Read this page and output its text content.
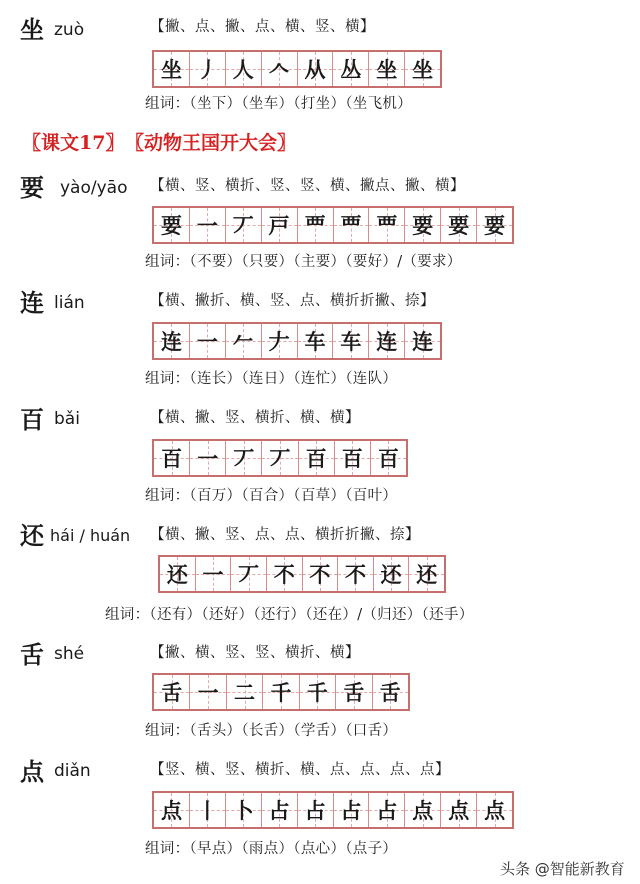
〖课文17〗 〖动物王国开大会〗
坐 zuò	【撇、点、撇、点、横、竖、横】
坐 丿 人 𠆢 从 丛 坐 坐
组词：（坐下）（坐车）（打坐）（坐飞机）
要 yào/yāo 【横、竖、横折、竖、竖、横、撇点、撇、横】
要 一 丆 戸 覀 覀 覀 要 要 要
组词：（不要）（只要）（主要）（要好）/（要求）
连 lián	【横、撇折、横、竖、点、横折折撇、捺】
连 一 𠂉 𠂇 车 车 连 连
组词：（连长）（连日）（连忙）（连队）
百 bǎi	【横、撇、竖、横折、横、横】
百 一 丆 丆 百 百 百
组词：（百万）（百合）（百草）（百叶）
还 hái / huán 【横、撇、竖、点、点、横折折撇、捺】
还 一 丆 不 不 不 还 还
组词：（还有）（还好）（还行）（还在）/（归还）（还手）
舌 shé	【撇、横、竖、竖、横折、横】
舌 一 二 千 千 舌 舌
组词：（舌头）（长舌）（学舌）（口舌）
点 diǎn	【竖、横、竖、横折、横、点、点、点、点】
点 丨 卜 占 占 占 占 点 点 点
组词：（早点）（雨点）（点心）（点子）
头条 @智能新教育
